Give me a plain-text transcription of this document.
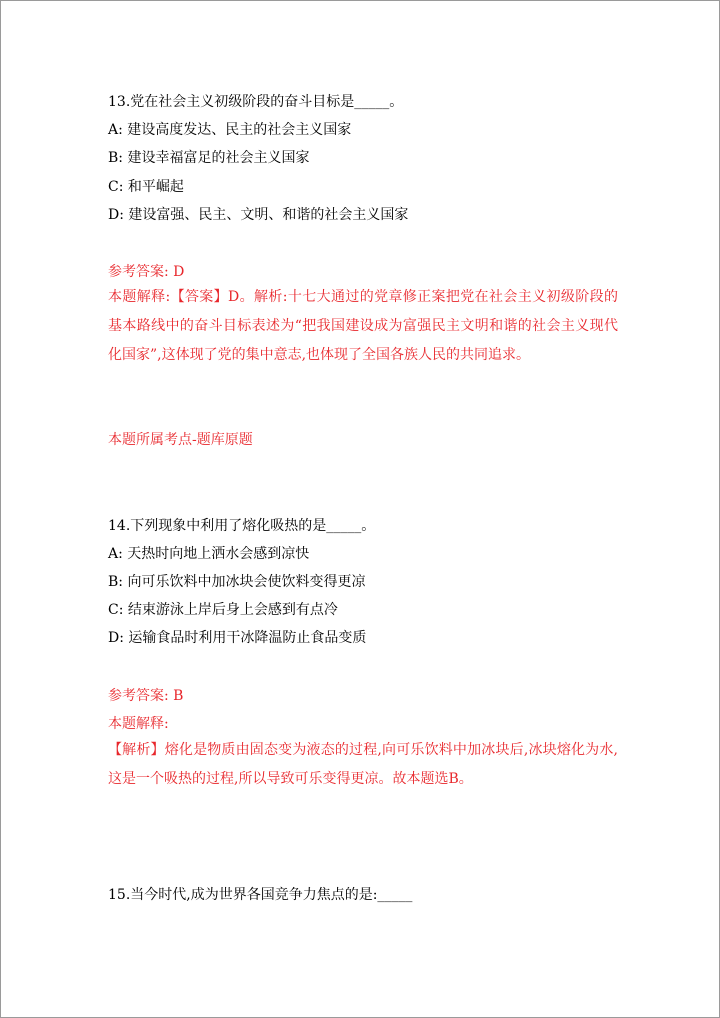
13.党在社会主义初级阶段的奋斗目标是_____。
A: 建设高度发达、民主的社会主义国家
B: 建设幸福富足的社会主义国家
C: 和平崛起
D: 建设富强、民主、文明、和谐的社会主义国家
参考答案: D
本题解释:【答案】D。解析:十七大通过的党章修正案把党在社会主义初级阶段的基本路线中的奋斗目标表述为“把我国建设成为富强民主文明和谐的社会主义现代化国家”,这体现了党的集中意志,也体现了全国各族人民的共同追求。
本题所属考点-题库原题
14.下列现象中利用了熔化吸热的是_____。
A: 天热时向地上洒水会感到凉快
B: 向可乐饮料中加冰块会使饮料变得更凉
C: 结束游泳上岸后身上会感到有点冷
D: 运输食品时利用干冰降温防止食品变质
参考答案: B
本题解释:
【解析】熔化是物质由固态变为液态的过程,向可乐饮料中加冰块后,冰块熔化为水,这是一个吸热的过程,所以导致可乐变得更凉。故本题选B。
15.当今时代,成为世界各国竞争力焦点的是:_____
